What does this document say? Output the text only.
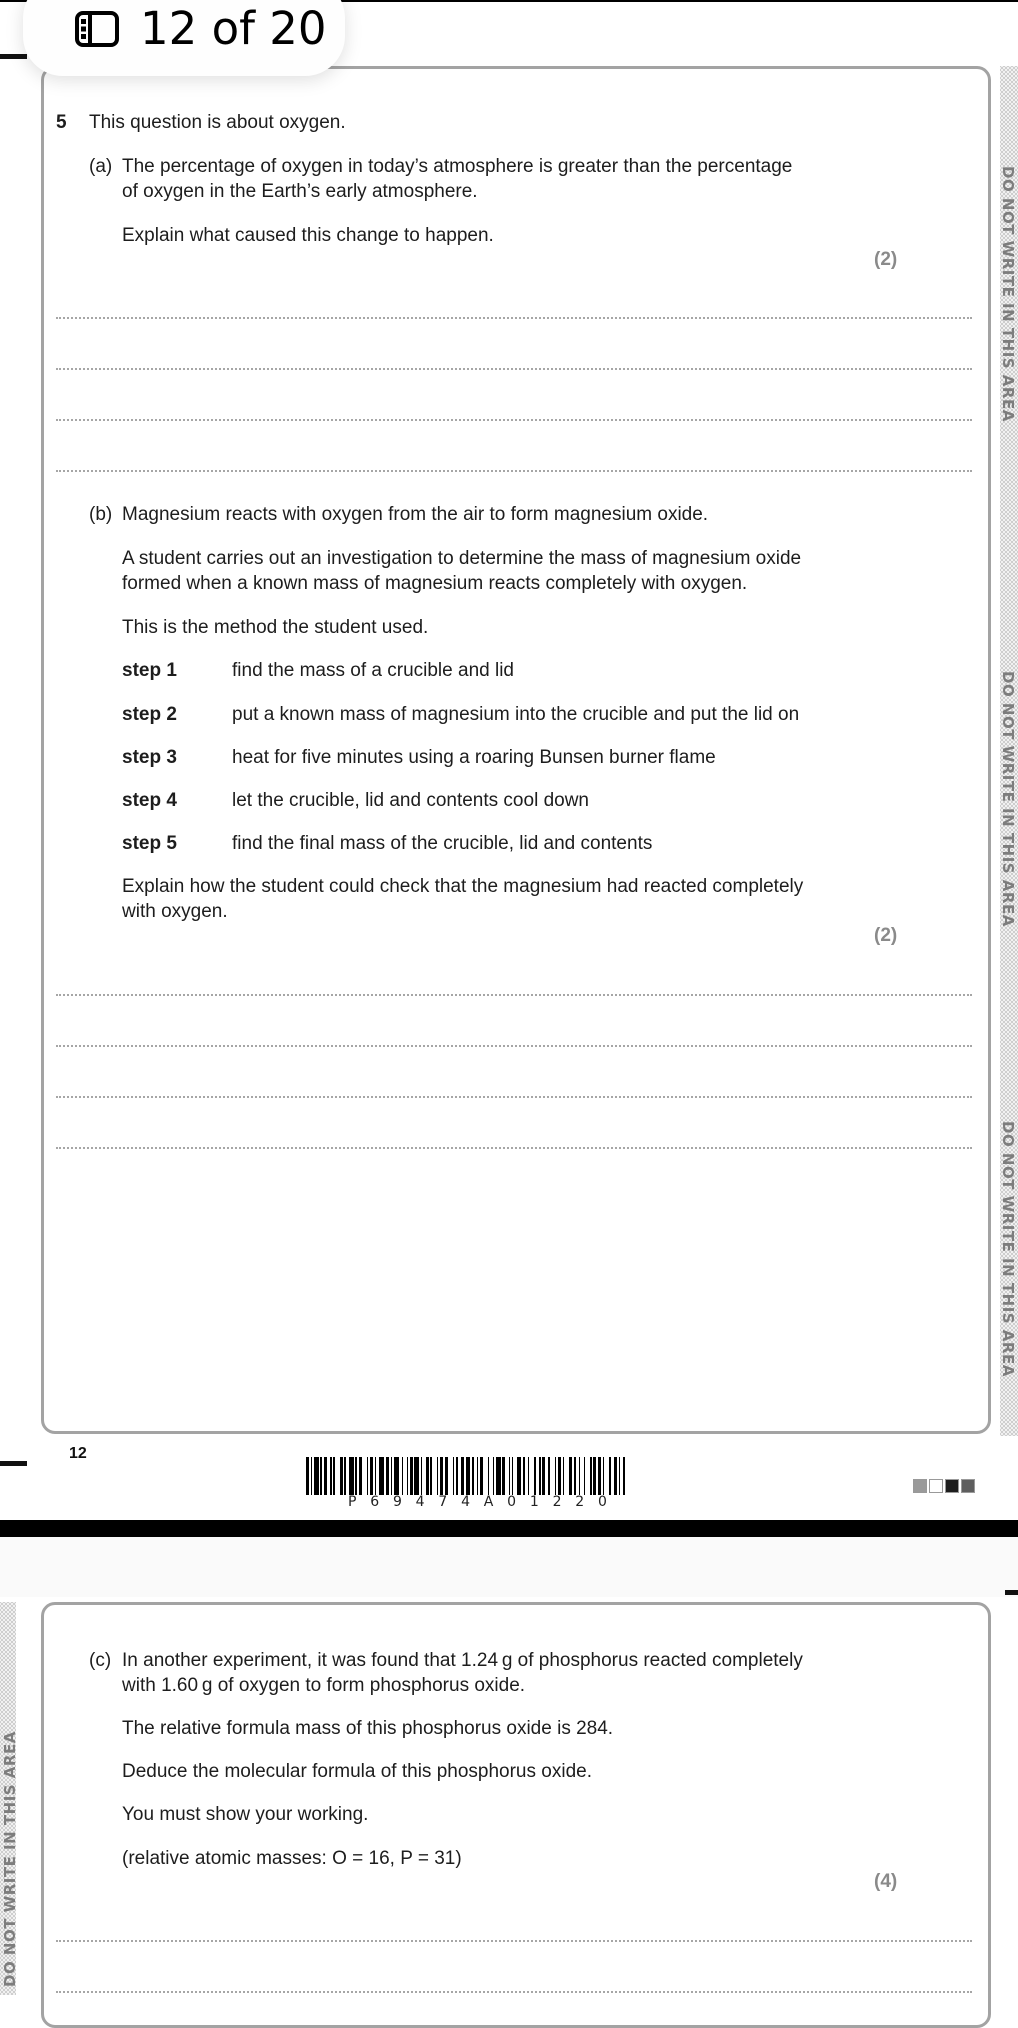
12 of 20
DO NOT WRITE IN THIS AREA
DO NOT WRITE IN THIS AREA
DO NOT WRITE IN THIS AREA
5 This question is about oxygen.
(a) The percentage of oxygen in today’s atmosphere is greater than the percentage
of oxygen in the Earth’s early atmosphere.
Explain what caused this change to happen.
(2)
(b) Magnesium reacts with oxygen from the air to form magnesium oxide.
A student carries out an investigation to determine the mass of magnesium oxide
formed when a known mass of magnesium reacts completely with oxygen.
This is the method the student used.
step 1	find the mass of a crucible and lid
step 2	put a known mass of magnesium into the crucible and put the lid on
step 3	heat for five minutes using a roaring Bunsen burner flame
step 4	let the crucible, lid and contents cool down
step 5	find the final mass of the crucible, lid and contents
Explain how the student could check that the magnesium had reacted completely
with oxygen.
(2)
12
P69474A01220
DO NOT WRITE IN THIS AREA
(c) In another experiment, it was found that 1.24 g of phosphorus reacted completely
with 1.60 g of oxygen to form phosphorus oxide.
The relative formula mass of this phosphorus oxide is 284.
Deduce the molecular formula of this phosphorus oxide.
You must show your working.
(relative atomic masses: O = 16, P = 31)
(4)
